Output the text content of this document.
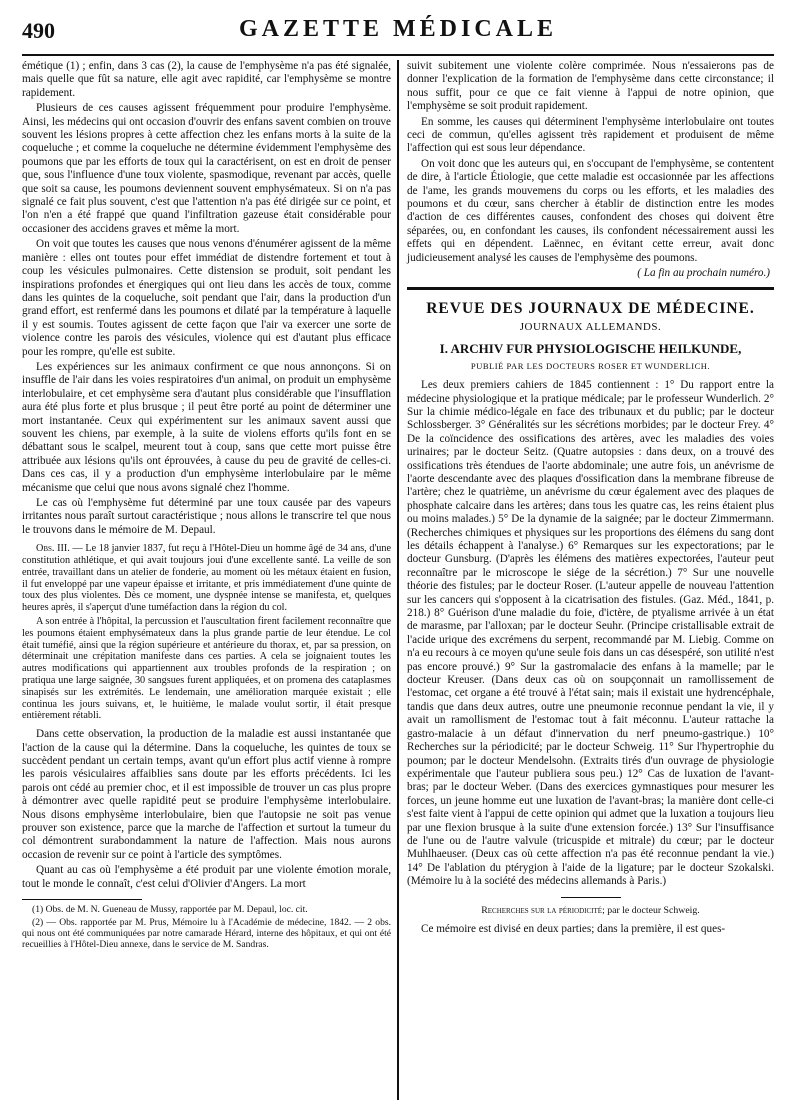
490	GAZETTE MÉDICALE

émétique (1) ; enfin, dans 3 cas (2), la cause de l'emphysème n'a pas été signalée, mais quelle que fût sa nature, elle agit avec rapidité, car l'emphysème se montre rapidement.

Plusieurs de ces causes agissent fréquemment pour produire l'emphysème. Ainsi, les médecins qui ont occasion d'ouvrir des enfans savent combien on trouve souvent les lésions propres à cette affection chez les enfans morts à la suite de la coqueluche ; et comme la coqueluche ne détermine évidemment l'emphysème des poumons que par les efforts de toux qui la caractérisent, on est en droit de penser que, sous l'influence d'une toux violente, spasmodique, revenant par accès, quelle que soit sa cause, les poumons deviennent souvent emphysémateux. Si on n'a pas signalé ce fait plus souvent, c'est que l'attention n'a pas été dirigée sur ce point, et l'on n'en a été frappé que quand l'infiltration gazeuse était considérable pour occasioner des accidens graves et même la mort.

On voit que toutes les causes que nous venons d'énumérer agissent de la même manière : elles ont toutes pour effet immédiat de distendre fortement et tout à coup les vésicules pulmonaires. Cette distension se produit, soit pendant les inspirations profondes et énergiques qui ont lieu dans les accès de toux, comme dans les quintes de la coqueluche, soit pendant que l'air, dans la production d'un grand effort, est renfermé dans les poumons et dilaté par la température à laquelle il y est soumis. Toutes agissent de cette façon que l'air va exercer une sorte de violence contre les parois des vésicules, violence qui est d'autant plus efficace pour les rompre, qu'elle est subite.

Les expériences sur les animaux confirment ce que nous annonçons. Si on insuffle de l'air dans les voies respiratoires d'un animal, on produit un emphysème interlobulaire, et cet emphysème sera d'autant plus considérable que l'insufflation aura été plus forte et plus brusque ; il peut être porté au point de déterminer une mort instantanée. Ceux qui expérimentent sur les animaux savent aussi que souvent les chiens, par exemple, à la suite de violens efforts qu'ils font en se débattant sous le scalpel, meurent tout à coup, sans que cette mort puisse être attribuée aux lésions qu'ils ont éprouvées, à cause du peu de gravité de celles-ci. Dans ces cas, il y a production d'un emphysème interlobulaire par le même mécanisme que celui que nous avons signalé chez l'homme.

Le cas où l'emphysème fut déterminé par une toux causée par des vapeurs irritantes nous paraît surtout caractéristique ; nous allons le transcrire tel que nous le trouvons dans le mémoire de M. Depaul.

Obs. III. — Le 18 janvier 1837, fut reçu à l'Hôtel-Dieu un homme âgé de 34 ans, d'une constitution athlétique, et qui avait toujours joui d'une excellente santé. La veille de son entrée, travaillant dans un atelier de fonderie, au moment où les métaux étaient en fusion, il fut enveloppé par une vapeur épaisse et irritante, et pris immédiatement d'une quinte de toux des plus violentes. Dès ce moment, une dyspnée intense se manifesta, et, quelques heures après, il s'aperçut d'une tuméfaction dans la région du col.

A son entrée à l'hôpital, la percussion et l'auscultation firent facilement reconnaître que les poumons étaient emphysémateux dans la plus grande partie de leur étendue. Le col était tuméfié, ainsi que la région supérieure et antérieure du thorax, et, par sa pression, on déterminait une crépitation manifeste dans ces parties. A cela se joignaient toutes les autres modifications qui appartiennent aux troubles profonds de la respiration ; on pratiqua une large saignée, 30 sangsues furent appliquées, et on promena des cataplasmes sinapisés sur les extrémités. Le lendemain, une amélioration marquée existait ; elle continua les jours suivans, et, le huitième, le malade voulut sortir, il était presque entièrement rétabli.

Dans cette observation, la production de la maladie est aussi instantanée que l'action de la cause qui la détermine. Dans la coqueluche, les quintes de toux se succèdent pendant un certain temps, avant qu'un effort plus actif vienne à rompre les parois vésiculaires affaiblies sans doute par les efforts précédents. Ici les parois ont cédé au premier choc, et il est impossible de trouver un cas plus propre à démontrer avec quelle rapidité peut se produire l'emphysème interlobulaire. Nous disons emphysème interlobulaire, bien que l'autopsie ne soit pas venue prouver son existence, parce que la marche de l'affection et surtout la tumeur du col démontrent surabondamment la nature de l'affection. Mais nous aurons occasion de revenir sur ce point à l'article des symptômes.

Quant au cas où l'emphysème a été produit par une violente émotion morale, tout le monde le connaît, c'est celui d'Olivier d'Angers. La mort

(1) Obs. de M. N. Gueneau de Mussy, rapportée par M. Depaul, loc. cit.

(2) — Obs. rapportée par M. Prus, Mémoire lu à l'Académie de médecine, 1842. — 2 obs. qui nous ont été communiquées par notre camarade Hérard, interne des hôpitaux, et qui ont été recueillies à l'Hôtel-Dieu annexe, dans le service de M. Sandras.

suivit subitement une violente colère comprimée. Nous n'essaierons pas de donner l'explication de la formation de l'emphysème dans cette circonstance; il nous suffit, pour ce que ce fait vienne à l'appui de notre opinion, que l'emphysème se soit produit rapidement.

En somme, les causes qui déterminent l'emphysème interlobulaire ont toutes ceci de commun, qu'elles agissent très rapidement et produisent de même l'affection qui est sous leur dépendance.

On voit donc que les auteurs qui, en s'occupant de l'emphysème, se contentent de dire, à l'article Étiologie, que cette maladie est occasionnée par les affections de l'ame, les grands mouvemens du corps ou les efforts, et les maladies des poumons et du cœur, sans chercher à établir de distinction entre les modes d'action de ces différentes causes, confondent des choses qui doivent être séparées, ou, en confondant les causes, ils confondent nécessairement aussi les effets qui en dépendent. Laënnec, en évitant cette erreur, avait donc judicieusement analysé les causes de l'emphysème des poumons.

( La fin au prochain numéro.)
REVUE DES JOURNAUX DE MÉDECINE.
JOURNAUX ALLEMANDS.
I. ARCHIV FUR PHYSIOLOGISCHE HEILKUNDE,
PUBLIÉ PAR LES DOCTEURS ROSER ET WUNDERLICH.

Les deux premiers cahiers de 1845 contiennent : 1° Du rapport entre la médecine physiologique et la pratique médicale; par le professeur Wunderlich. 2° Sur la chimie médico-légale en face des tribunaux et du public; par le docteur Schlossberger. 3° Généralités sur les sécrétions morbides; par le docteur Frey. 4° De la coïncidence des ossifications des artères, avec les maladies des voies urinaires; par le docteur Seitz. (Quatre autopsies : dans deux, on a trouvé des ossifications très étendues de l'aorte abdominale; une autre fois, un anévrisme de l'aorte descendante avec des plaques d'ossification dans la membrane fibreuse de l'artère; chez le quatrième, un anévrisme du cœur également avec des plaques de phosphate calcaire dans les artères; dans tous les quatre cas, les reins étaient plus ou moins malades.) 5° De la dynamie de la saignée; par le docteur Zimmermann. (Recherches chimiques et physiques sur les proportions des élémens du sang dont les détails échappent à l'analyse.) 6° Remarques sur les expectorations; par le docteur Gunsburg. (D'après les élémens des matières expectorées, l'auteur peut reconnaître par le microscope le siége de la sécrétion.) 7° Sur une nouvelle théorie des fistules; par le docteur Roser. (L'auteur appelle de nouveau l'attention sur les cancers qui s'opposent à la cicatrisation des fistules. (Gaz. Méd., 1841, p. 218.) 8° Guérison d'une maladie du foie, d'ictère, de ptyalisme arrivée à un état de marasme, par l'alloxan; par le docteur Seuhr. (Principe cristallisable extrait de l'acide urique des excrémens du serpent, recommandé par M. Liebig. Comme on n'a eu recours à ce moyen qu'une seule fois dans un cas désespéré, son utilité n'est pas encore prouvé.) 9° Sur la gastromalacie des enfans à la mamelle; par le docteur Kreuser. (Dans deux cas où on soupçonnait un ramollissement de l'estomac, cet organe a été trouvé à l'état sain; mais il existait une hydrencéphale, tandis que dans deux autres, outre une pneumonie reconnue pendant la vie, il y avait un ramollisment de l'estomac tout à fait méconnu. L'auteur rattache la gastro-malacie à un défaut d'innervation du nerf pneumo-gastrique.) 10° Recherches sur la périodicité; par le docteur Schweig. 11° Sur l'hypertrophie du poumon; par le docteur Mendelsohn. (Extraits tirés d'un ouvrage de physiologie expérimentale que l'auteur publiera sous peu.) 12° Cas de luxation de l'avant-bras; par le docteur Weber. (Dans des exercices gymnastiques pour mesurer les forces, un jeune homme eut une luxation de l'avant-bras; la manière dont celle-ci s'est faite vient à l'appui de cette opinion qui admet que la luxation a toujours lieu par une flexion brusque à la suite d'une extension forcée.) 13° Sur l'insuffisance de l'une ou de l'autre valvule (tricuspide et mitrale) du cœur; par le docteur Muhlhaeuser. (Deux cas où cette affection n'a pas été reconnue pendant la vie.) 14° De l'ablation du ptérygion à l'aide de la ligature; par le docteur Szokalski. (Mémoire lu à la société des médecins allemands à Paris.)

Recherches sur la périodicité; par le docteur Schweig.

Ce mémoire est divisé en deux parties; dans la première, il est ques-
